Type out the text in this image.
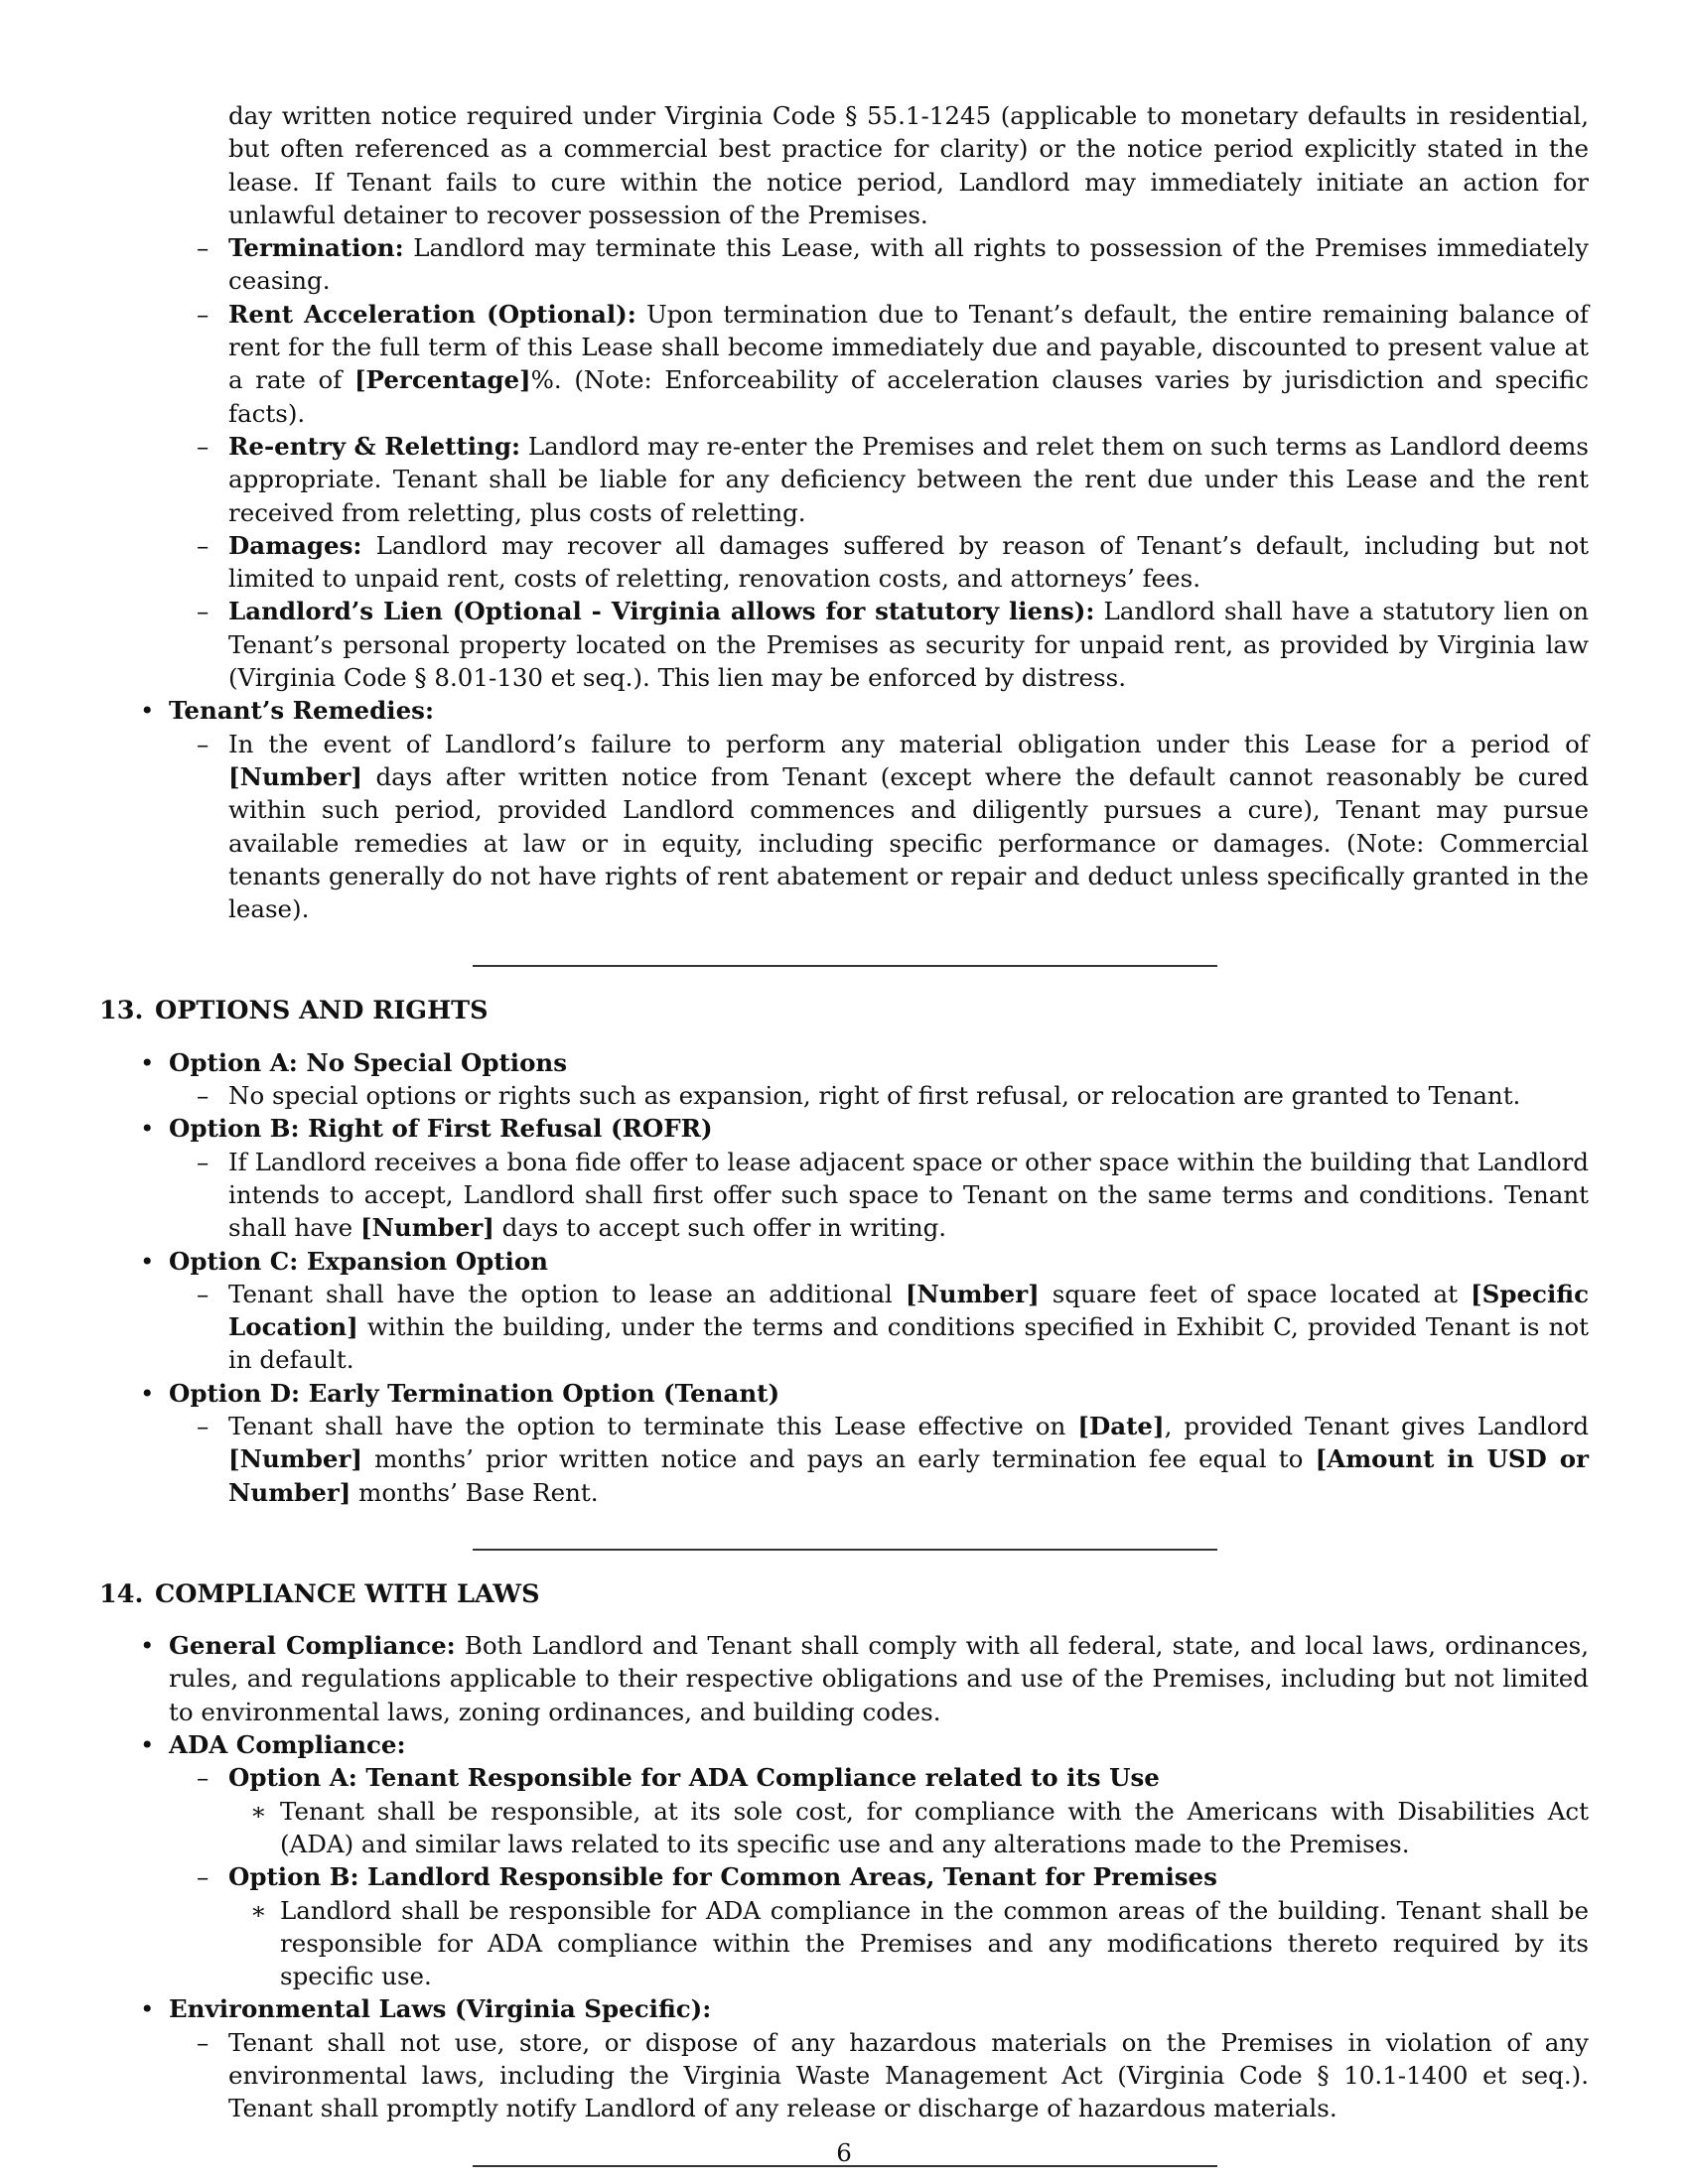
day written notice required under Virginia Code § 55.1-1245 (applicable to monetary defaults in residential, but often referenced as a commercial best practice for clarity) or the notice period explicitly stated in the lease. If Tenant fails to cure within the notice period, Landlord may immediately initiate an action for unlawful detainer to recover possession of the Premises.
– Termination: Landlord may terminate this Lease, with all rights to possession of the Premises immediately ceasing.
– Rent Acceleration (Optional): Upon termination due to Tenant’s default, the entire remaining balance of rent for the full term of this Lease shall become immediately due and payable, discounted to present value at a rate of [Percentage]%. (Note: Enforceability of acceleration clauses varies by jurisdiction and specific facts).
– Re-entry & Reletting: Landlord may re-enter the Premises and relet them on such terms as Landlord deems appropriate. Tenant shall be liable for any deficiency between the rent due under this Lease and the rent received from reletting, plus costs of reletting.
– Damages: Landlord may recover all damages suffered by reason of Tenant’s default, including but not limited to unpaid rent, costs of reletting, renovation costs, and attorneys’ fees.
– Landlord’s Lien (Optional - Virginia allows for statutory liens): Landlord shall have a statutory lien on Tenant’s personal property located on the Premises as security for unpaid rent, as provided by Virginia law (Virginia Code § 8.01-130 et seq.). This lien may be enforced by distress.
• Tenant’s Remedies:
– In the event of Landlord’s failure to perform any material obligation under this Lease for a period of [Number] days after written notice from Tenant (except where the default cannot reasonably be cured within such period, provided Landlord commences and diligently pursues a cure), Tenant may pursue available remedies at law or in equity, including specific performance or damages. (Note: Commercial tenants generally do not have rights of rent abatement or repair and deduct unless specifically granted in the lease).
13. OPTIONS AND RIGHTS
• Option A: No Special Options
– No special options or rights such as expansion, right of first refusal, or relocation are granted to Tenant.
• Option B: Right of First Refusal (ROFR)
– If Landlord receives a bona fide offer to lease adjacent space or other space within the building that Landlord intends to accept, Landlord shall first offer such space to Tenant on the same terms and conditions. Tenant shall have [Number] days to accept such offer in writing.
• Option C: Expansion Option
– Tenant shall have the option to lease an additional [Number] square feet of space located at [Specific Location] within the building, under the terms and conditions specified in Exhibit C, provided Tenant is not in default.
• Option D: Early Termination Option (Tenant)
– Tenant shall have the option to terminate this Lease effective on [Date], provided Tenant gives Landlord [Number] months’ prior written notice and pays an early termination fee equal to [Amount in USD or Number] months’ Base Rent.
14. COMPLIANCE WITH LAWS
• General Compliance: Both Landlord and Tenant shall comply with all federal, state, and local laws, ordinances, rules, and regulations applicable to their respective obligations and use of the Premises, including but not limited to environmental laws, zoning ordinances, and building codes.
• ADA Compliance:
– Option A: Tenant Responsible for ADA Compliance related to its Use
∗ Tenant shall be responsible, at its sole cost, for compliance with the Americans with Disabilities Act (ADA) and similar laws related to its specific use and any alterations made to the Premises.
– Option B: Landlord Responsible for Common Areas, Tenant for Premises
∗ Landlord shall be responsible for ADA compliance in the common areas of the building. Tenant shall be responsible for ADA compliance within the Premises and any modifications thereto required by its specific use.
• Environmental Laws (Virginia Specific):
– Tenant shall not use, store, or dispose of any hazardous materials on the Premises in violation of any environmental laws, including the Virginia Waste Management Act (Virginia Code § 10.1-1400 et seq.). Tenant shall promptly notify Landlord of any release or discharge of hazardous materials.
6
